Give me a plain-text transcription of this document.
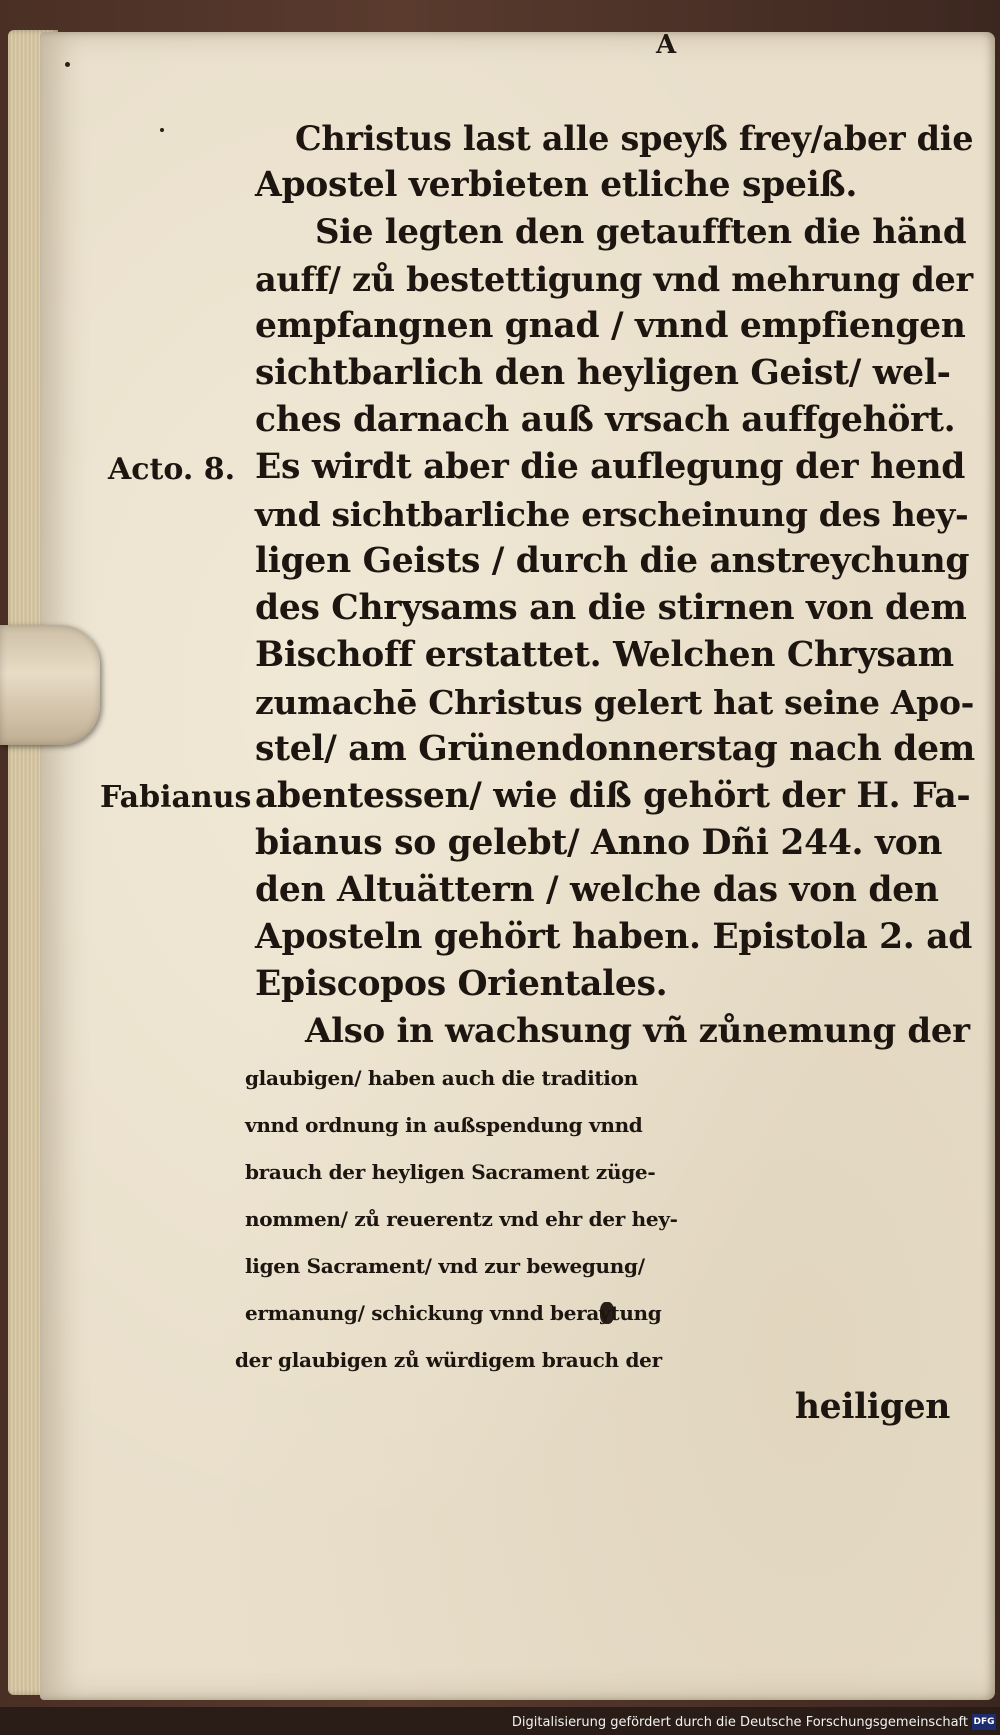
A
Christus last alle speyß frey/aber die
Apostel verbieten etliche speiß.
Sie legten den getaufften die händ
auff/ zů bestettigung vnd mehrung der
empfangnen gnad / vnnd empfiengen
sichtbarlich den heyligen Geist/ wel-
ches darnach auß vrsach auffgehört.
Es wirdt aber die auflegung der hend
vnd sichtbarliche erscheinung des hey-
ligen Geists / durch die anstreychung
des Chrysams an die stirnen von dem
Bischoff erstattet. Welchen Chrysam
zumachē Christus gelert hat seine Apo-
stel/ am Grünendonnerstag nach dem
abentessen/ wie diß gehört der H. Fa-
bianus so gelebt/ Anno Dñi 244. von
den Altuättern / welche das von den
Aposteln gehört haben. Epistola 2. ad
Episcopos Orientales.
Also in wachsung vñ zůnemung der
glaubigen/ haben auch die tradition
vnnd ordnung in außspendung vnnd
brauch der heyligen Sacrament züge-
nommen/ zů reuerentz vnd ehr der hey-
ligen Sacrament/ vnd zur bewegung/
ermanung/ schickung vnnd beraytung
der glaubigen zů würdigem brauch der
heiligen
Acto. 8.
Fabianus
Digitalisierung gefördert durch die Deutsche Forschungsgemeinschaft DFG
